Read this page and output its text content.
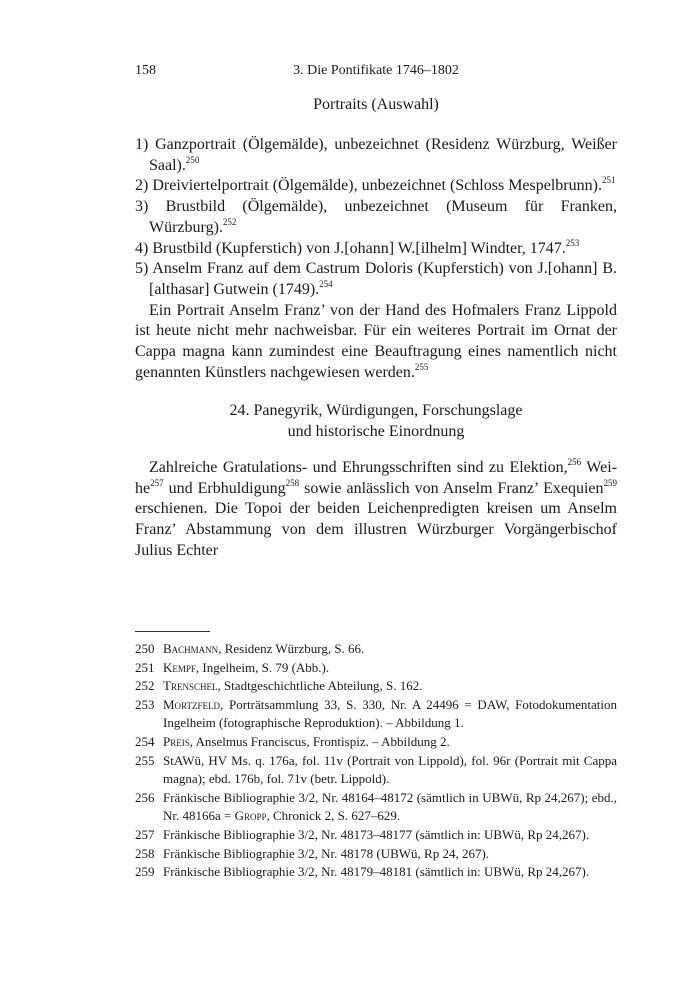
158	3. Die Pontifikate 1746–1802
Portraits (Auswahl)
1) Ganzportrait (Ölgemälde), unbezeichnet (Residenz Würzburg, Weißer Saal).$^{250}$
2) Dreiviertelportrait (Ölgemälde), unbezeichnet (Schloss Mespelbrunn).$^{251}$
3) Brustbild (Ölgemälde), unbezeichnet (Museum für Franken, Würzburg).$^{252}$
4) Brustbild (Kupferstich) von J.[ohann] W.[ilhelm] Windter, 1747.$^{253}$
5) Anselm Franz auf dem Castrum Doloris (Kupferstich) von J.[ohann] B.[althasar] Gutwein (1749).$^{254}$
Ein Portrait Anselm Franz’ von der Hand des Hofmalers Franz Lippold ist heute nicht mehr nachweisbar. Für ein weiteres Portrait im Ornat der Cappa magna kann zumindest eine Beauftragung eines namentlich nicht genannten Künstlers nachgewiesen werden.$^{255}$
24. Panegyrik, Würdigungen, Forschungslage
und historische Einordnung

Zahlreiche Gratulations- und Ehrungsschriften sind zu Elektion,$^{256}$ Weihe$^{257}$ und Erbhuldigung$^{258}$ sowie anlässlich von Anselm Franz’ Exequien$^{259}$ erschienen. Die Topoi der beiden Leichenpredigten kreisen um Anselm Franz’ Abstammung von dem illustren Würzburger Vorgängerbischof Julius Echter

250 Bachmann, Residenz Würzburg, S. 66.
251 Kempf, Ingelheim, S. 79 (Abb.).
252 Trenschel, Stadtgeschichtliche Abteilung, S. 162.
253 Mortzfeld, Porträtsammlung 33, S. 330, Nr. A 24496 = DAW, Fotodokumentation Ingelheim (fotographische Reproduktion). – Abbildung 1.
254 Preis, Anselmus Franciscus, Frontispiz. – Abbildung 2.
255 StAWü, HV Ms. q. 176a, fol. 11v (Portrait von Lippold), fol. 96r (Portrait mit Cappa magna); ebd. 176b, fol. 71v (betr. Lippold).
256 Fränkische Bibliographie 3/2, Nr. 48164–48172 (sämtlich in UBWü, Rp 24,267); ebd., Nr. 48166a = Gropp, Chronick 2, S. 627–629.
257 Fränkische Bibliographie 3/2, Nr. 48173–48177 (sämtlich in: UBWü, Rp 24,267).
258 Fränkische Bibliographie 3/2, Nr. 48178 (UBWü, Rp 24, 267).
259 Fränkische Bibliographie 3/2, Nr. 48179–48181 (sämtlich in: UBWü, Rp 24,267).
